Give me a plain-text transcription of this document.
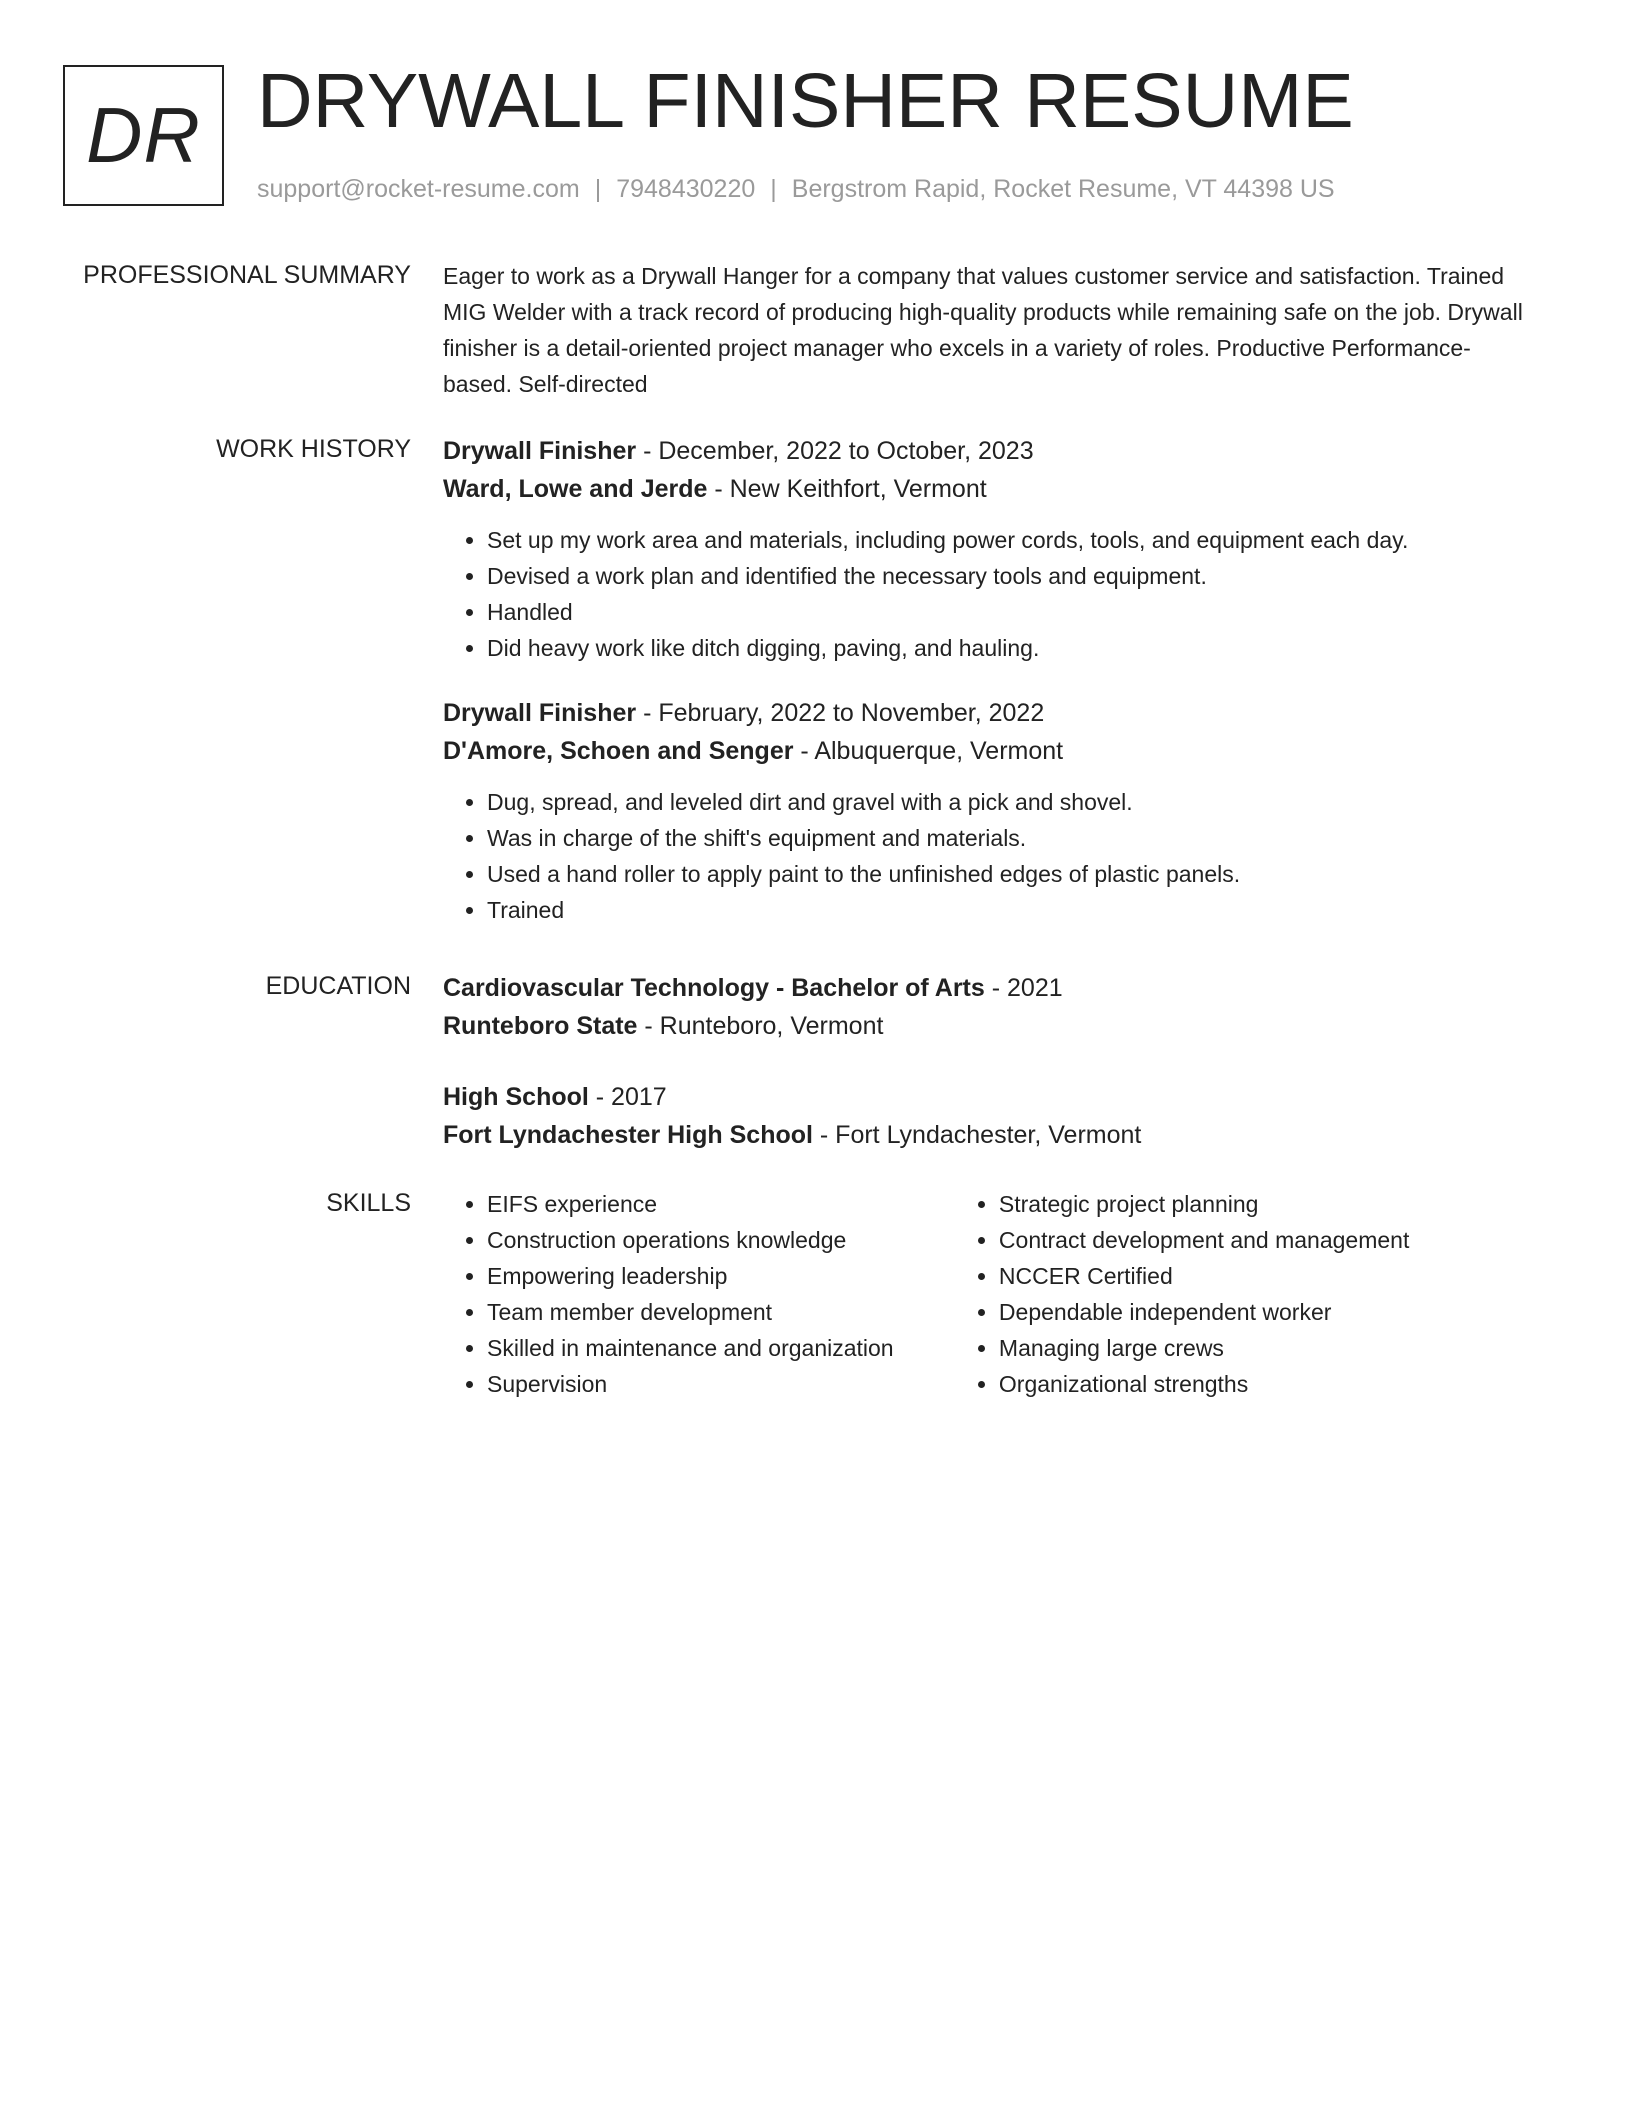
DR DRYWALL FINISHER RESUME
support@rocket-resume.com | 7948430220 | Bergstrom Rapid, Rocket Resume, VT 44398 US
PROFESSIONAL SUMMARY Eager to work as a Drywall Hanger for a company that values customer service and satisfaction. Trained MIG Welder with a track record of producing high-quality products while remaining safe on the job. Drywall finisher is a detail-oriented project manager who excels in a variety of roles. Productive Performance-based. Self-directed

WORK HISTORY Drywall Finisher - December, 2022 to October, 2023
Ward, Lowe and Jerde - New Keithfort, Vermont
• Set up my work area and materials, including power cords, tools, and equipment each day.
• Devised a work plan and identified the necessary tools and equipment.
• Handled
• Did heavy work like ditch digging, paving, and hauling.
Drywall Finisher - February, 2022 to November, 2022
D'Amore, Schoen and Senger - Albuquerque, Vermont
• Dug, spread, and leveled dirt and gravel with a pick and shovel.
• Was in charge of the shift's equipment and materials.
• Used a hand roller to apply paint to the unfinished edges of plastic panels.
• Trained
EDUCATION Cardiovascular Technology - Bachelor of Arts - 2021
Runteboro State - Runteboro, Vermont
High School - 2017
Fort Lyndachester High School - Fort Lyndachester, Vermont
SKILLS
•	EIFS experience
• Construction operations knowledge
• Empowering leadership
• Team member development
• Skilled in maintenance and organization
• Supervision
• Strategic project planning
• Contract development and management
• NCCER Certified
• Dependable independent worker
• Managing large crews
• Organizational strengths
